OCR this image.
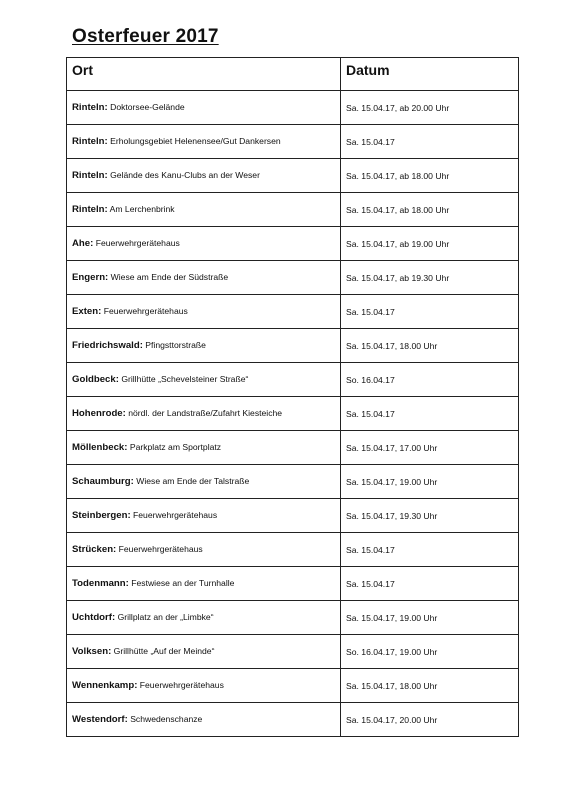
Osterfeuer 2017
Ort	Datum
Rinteln: Doktorsee-Gelände	Sa. 15.04.17, ab 20.00 Uhr
Rinteln: Erholungsgebiet Helenensee/Gut Dankersen	Sa. 15.04.17
Rinteln: Gelände des Kanu-Clubs an der Weser	Sa. 15.04.17, ab 18.00 Uhr
Rinteln: Am Lerchenbrink	Sa. 15.04.17, ab 18.00 Uhr
Ahe: Feuerwehrgerätehaus	Sa. 15.04.17, ab 19.00 Uhr
Engern: Wiese am Ende der Südstraße	Sa. 15.04.17, ab 19.30 Uhr
Exten: Feuerwehrgerätehaus	Sa. 15.04.17
Friedrichswald: Pfingsttorstraße	Sa. 15.04.17, 18.00 Uhr
Goldbeck: Grillhütte „Schevelsteiner Straße“	So. 16.04.17
Hohenrode: nördl. der Landstraße/Zufahrt Kiesteiche	Sa. 15.04.17
Möllenbeck: Parkplatz am Sportplatz	Sa. 15.04.17, 17.00 Uhr
Schaumburg: Wiese am Ende der Talstraße	Sa. 15.04.17, 19.00 Uhr
Steinbergen: Feuerwehrgerätehaus	Sa. 15.04.17, 19.30 Uhr
Strücken: Feuerwehrgerätehaus	Sa. 15.04.17
Todenmann: Festwiese an der Turnhalle	Sa. 15.04.17
Uchtdorf: Grillplatz an der „Limbke“	Sa. 15.04.17, 19.00 Uhr
Volksen: Grillhütte „Auf der Meinde“	So. 16.04.17, 19.00 Uhr
Wennenkamp: Feuerwehrgerätehaus	Sa. 15.04.17, 18.00 Uhr
Westendorf: Schwedenschanze	Sa. 15.04.17, 20.00 Uhr
